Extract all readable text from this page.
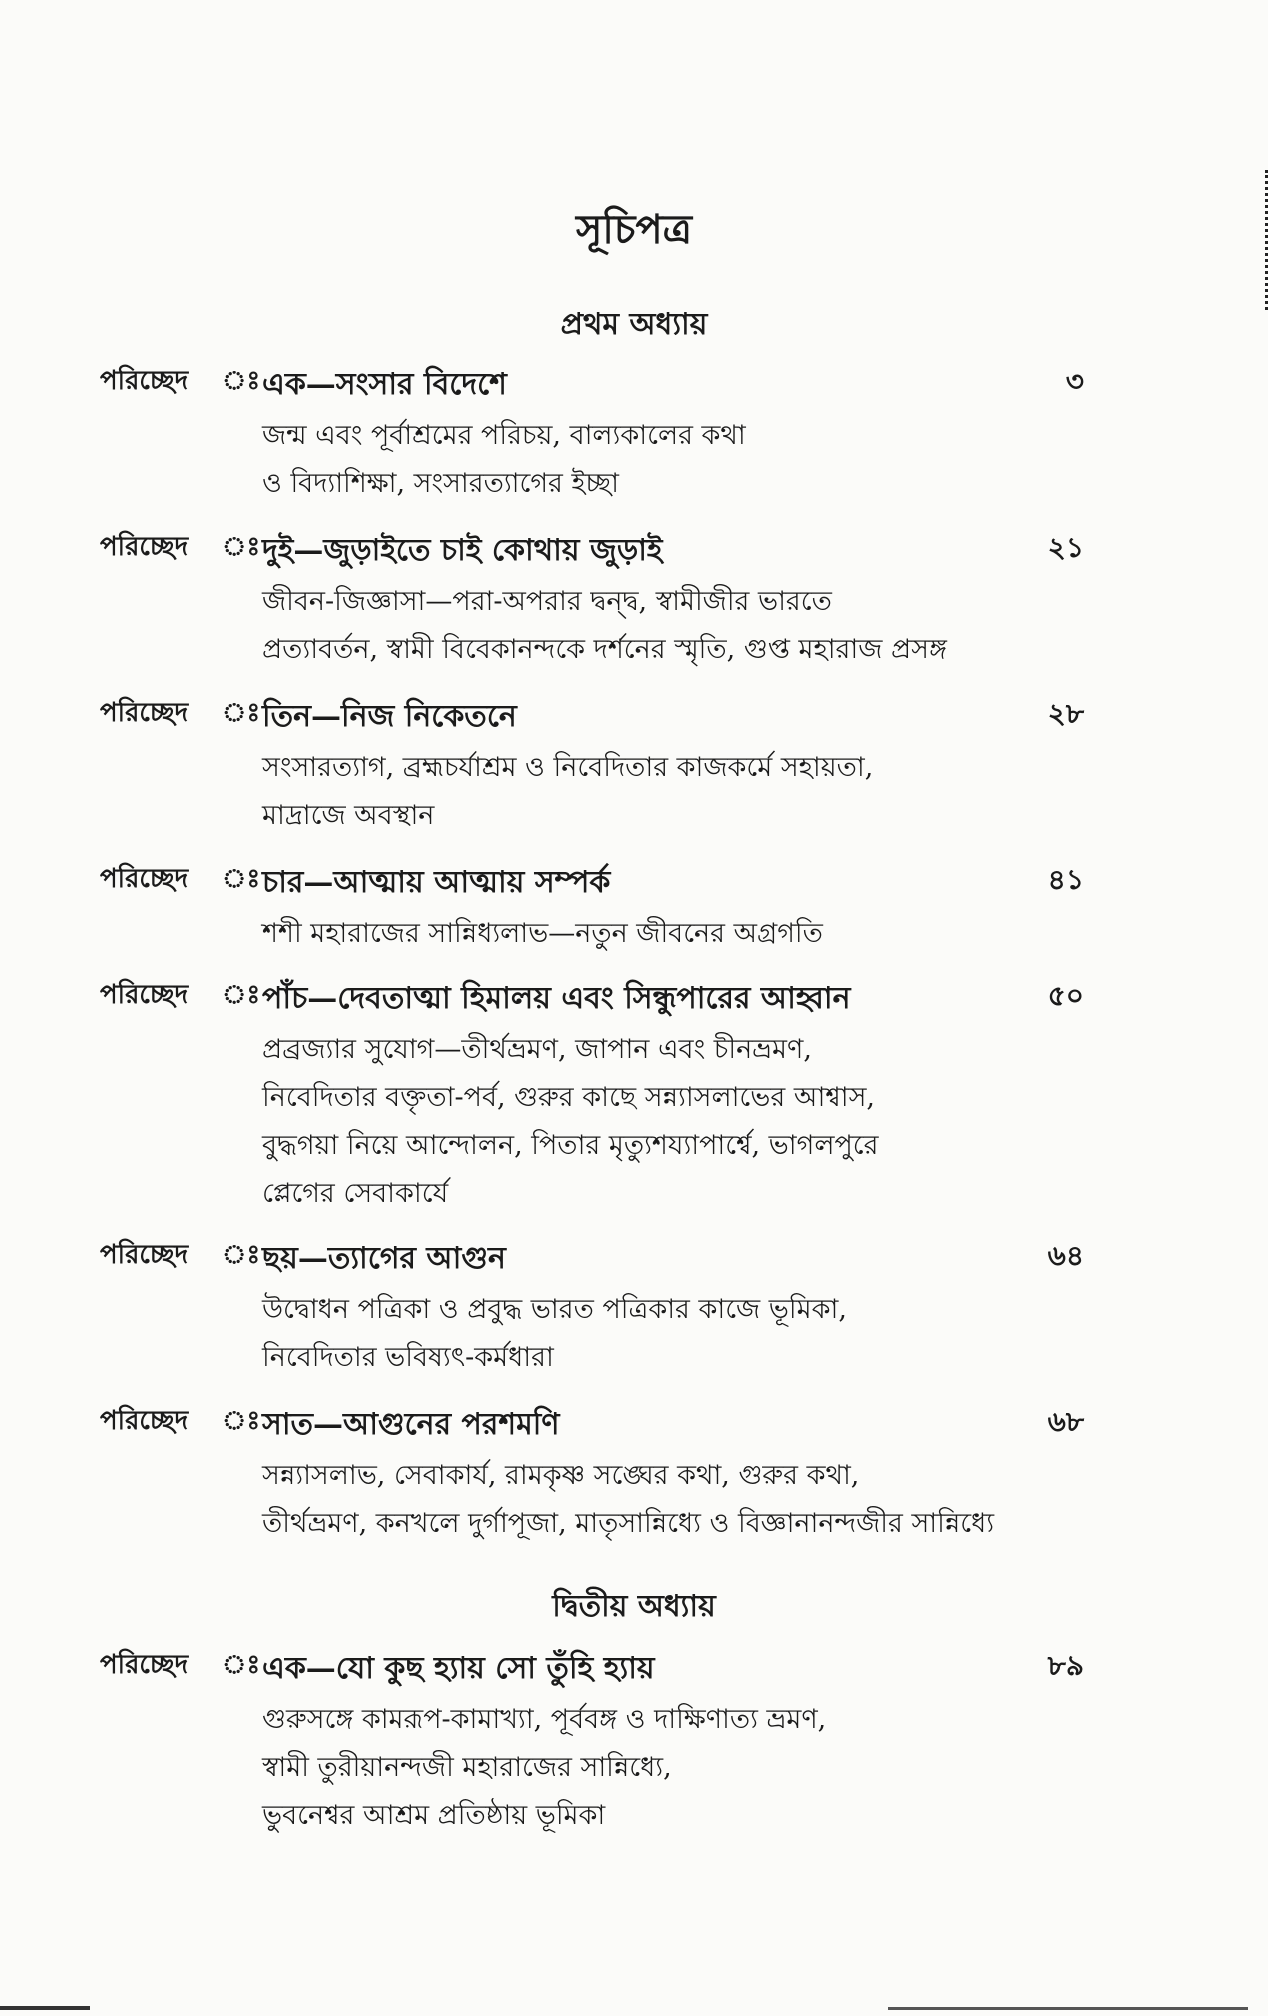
সূচিপত্র
প্রথম অধ্যায়
পরিচ্ছেদ ঃ এক—সংসার বিদেশে	৩
জন্ম এবং পূর্বাশ্রমের পরিচয়, বাল্যকালের কথা
ও বিদ্যাশিক্ষা, সংসারত্যাগের ইচ্ছা
পরিচ্ছেদ ঃ দুই—জুড়াইতে চাই কোথায় জুড়াই	২১
জীবন-জিজ্ঞাসা—পরা-অপরার দ্বন্দ্ব, স্বামীজীর ভারতে
প্রত্যাবর্তন, স্বামী বিবেকানন্দকে দর্শনের স্মৃতি, গুপ্ত মহারাজ প্রসঙ্গ
পরিচ্ছেদ ঃ তিন—নিজ নিকেতনে	২৮
সংসারত্যাগ, ব্রহ্মচর্যাশ্রম ও নিবেদিতার কাজকর্মে সহায়তা,
মাদ্রাজে অবস্থান
পরিচ্ছেদ ঃ চার—আত্মায় আত্মায় সম্পর্ক	৪১
শশী মহারাজের সান্নিধ্যলাভ—নতুন জীবনের অগ্রগতি
পরিচ্ছেদ ঃ পাঁচ—দেবতাত্মা হিমালয় এবং সিন্ধুপারের আহ্বান	৫০
প্রব্রজ্যার সুযোগ—তীর্থভ্রমণ, জাপান এবং চীনভ্রমণ,
নিবেদিতার বক্তৃতা-পর্ব, গুরুর কাছে সন্ন্যাসলাভের আশ্বাস,
বুদ্ধগয়া নিয়ে আন্দোলন, পিতার মৃত্যুশয্যাপার্শ্বে, ভাগলপুরে
প্লেগের সেবাকার্যে
পরিচ্ছেদ ঃ ছয়—ত্যাগের আগুন	৬৪
উদ্বোধন পত্রিকা ও প্রবুদ্ধ ভারত পত্রিকার কাজে ভূমিকা,
নিবেদিতার ভবিষ্যৎ-কর্মধারা
পরিচ্ছেদ ঃ সাত—আগুনের পরশমণি	৬৮
সন্ন্যাসলাভ, সেবাকার্য, রামকৃষ্ণ সঙ্ঘের কথা, গুরুর কথা,
তীর্থভ্রমণ, কনখলে দুর্গাপূজা, মাতৃসান্নিধ্যে ও বিজ্ঞানানন্দজীর সান্নিধ্যে
দ্বিতীয় অধ্যায়
পরিচ্ছেদ ঃ এক—যো কুছ হ্যায় সো তুঁহি হ্যায়	৮৯
গুরুসঙ্গে কামরূপ-কামাখ্যা, পূর্ববঙ্গ ও দাক্ষিণাত্য ভ্রমণ,
স্বামী তুরীয়ানন্দজী মহারাজের সান্নিধ্যে,
ভুবনেশ্বর আশ্রম প্রতিষ্ঠায় ভূমিকা
